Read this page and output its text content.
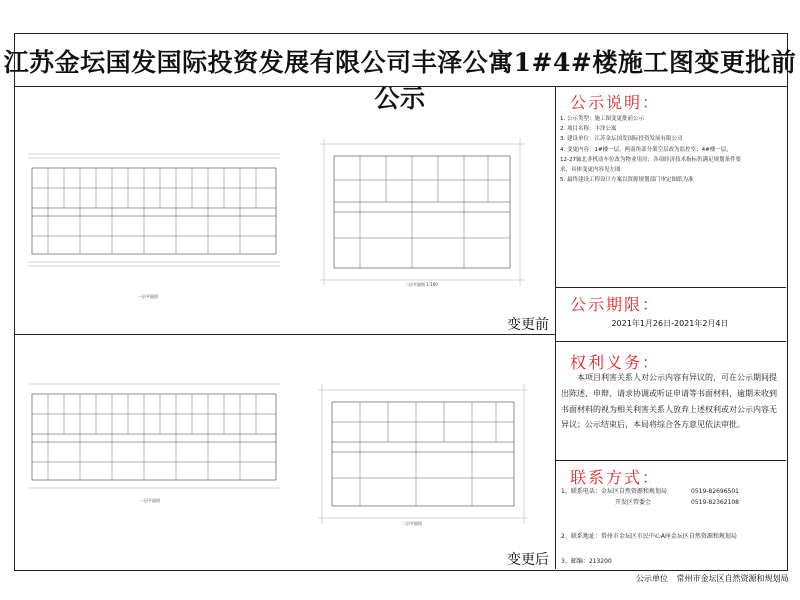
江苏金坛国发国际投资发展有限公司丰泽公寓1#4#楼施工图变更批前公示
变更前
变更后
一层平面图
二层平面图 1:100
一层平面图
二层平面图
公示说明：
1. 公示类型：施工图变更批前公示
2. 项目名称：丰泽公寓
3. 建设单位：江苏金坛国发国际投资发展有限公司
4. 变更内容：1#楼一层、两南角部分架空层改为监控室；4#楼一层，
12-27轴北非机动车位改为物业用房；各项经济技术指标仍满足规划条件要
求，具体变更内容见左图
5. 最终建设工程设计方案以资源规划部门审定图纸为准
公示期限：
2021年1月26日-2021年2月4日
权利义务：
本项目利害关系人对公示内容有异议的，可在公示期间提出陈述、申辩、请求协调或听证申请等书面材料，逾期未收到书面材料的视为相关利害关系人放弃上述权利或对公示内容无异议；公示结束后，本局将综合各方意见依法审批。
联系方式：
1、联系电话：金坛区自然资源和规划局	0519-82696501
开发区管委会	0519-82362108
2、联系地址：常州市金坛区市民中心A座金坛区自然资源和规划局
3、邮编：213200
公示单位 常州市金坛区自然资源和规划局
